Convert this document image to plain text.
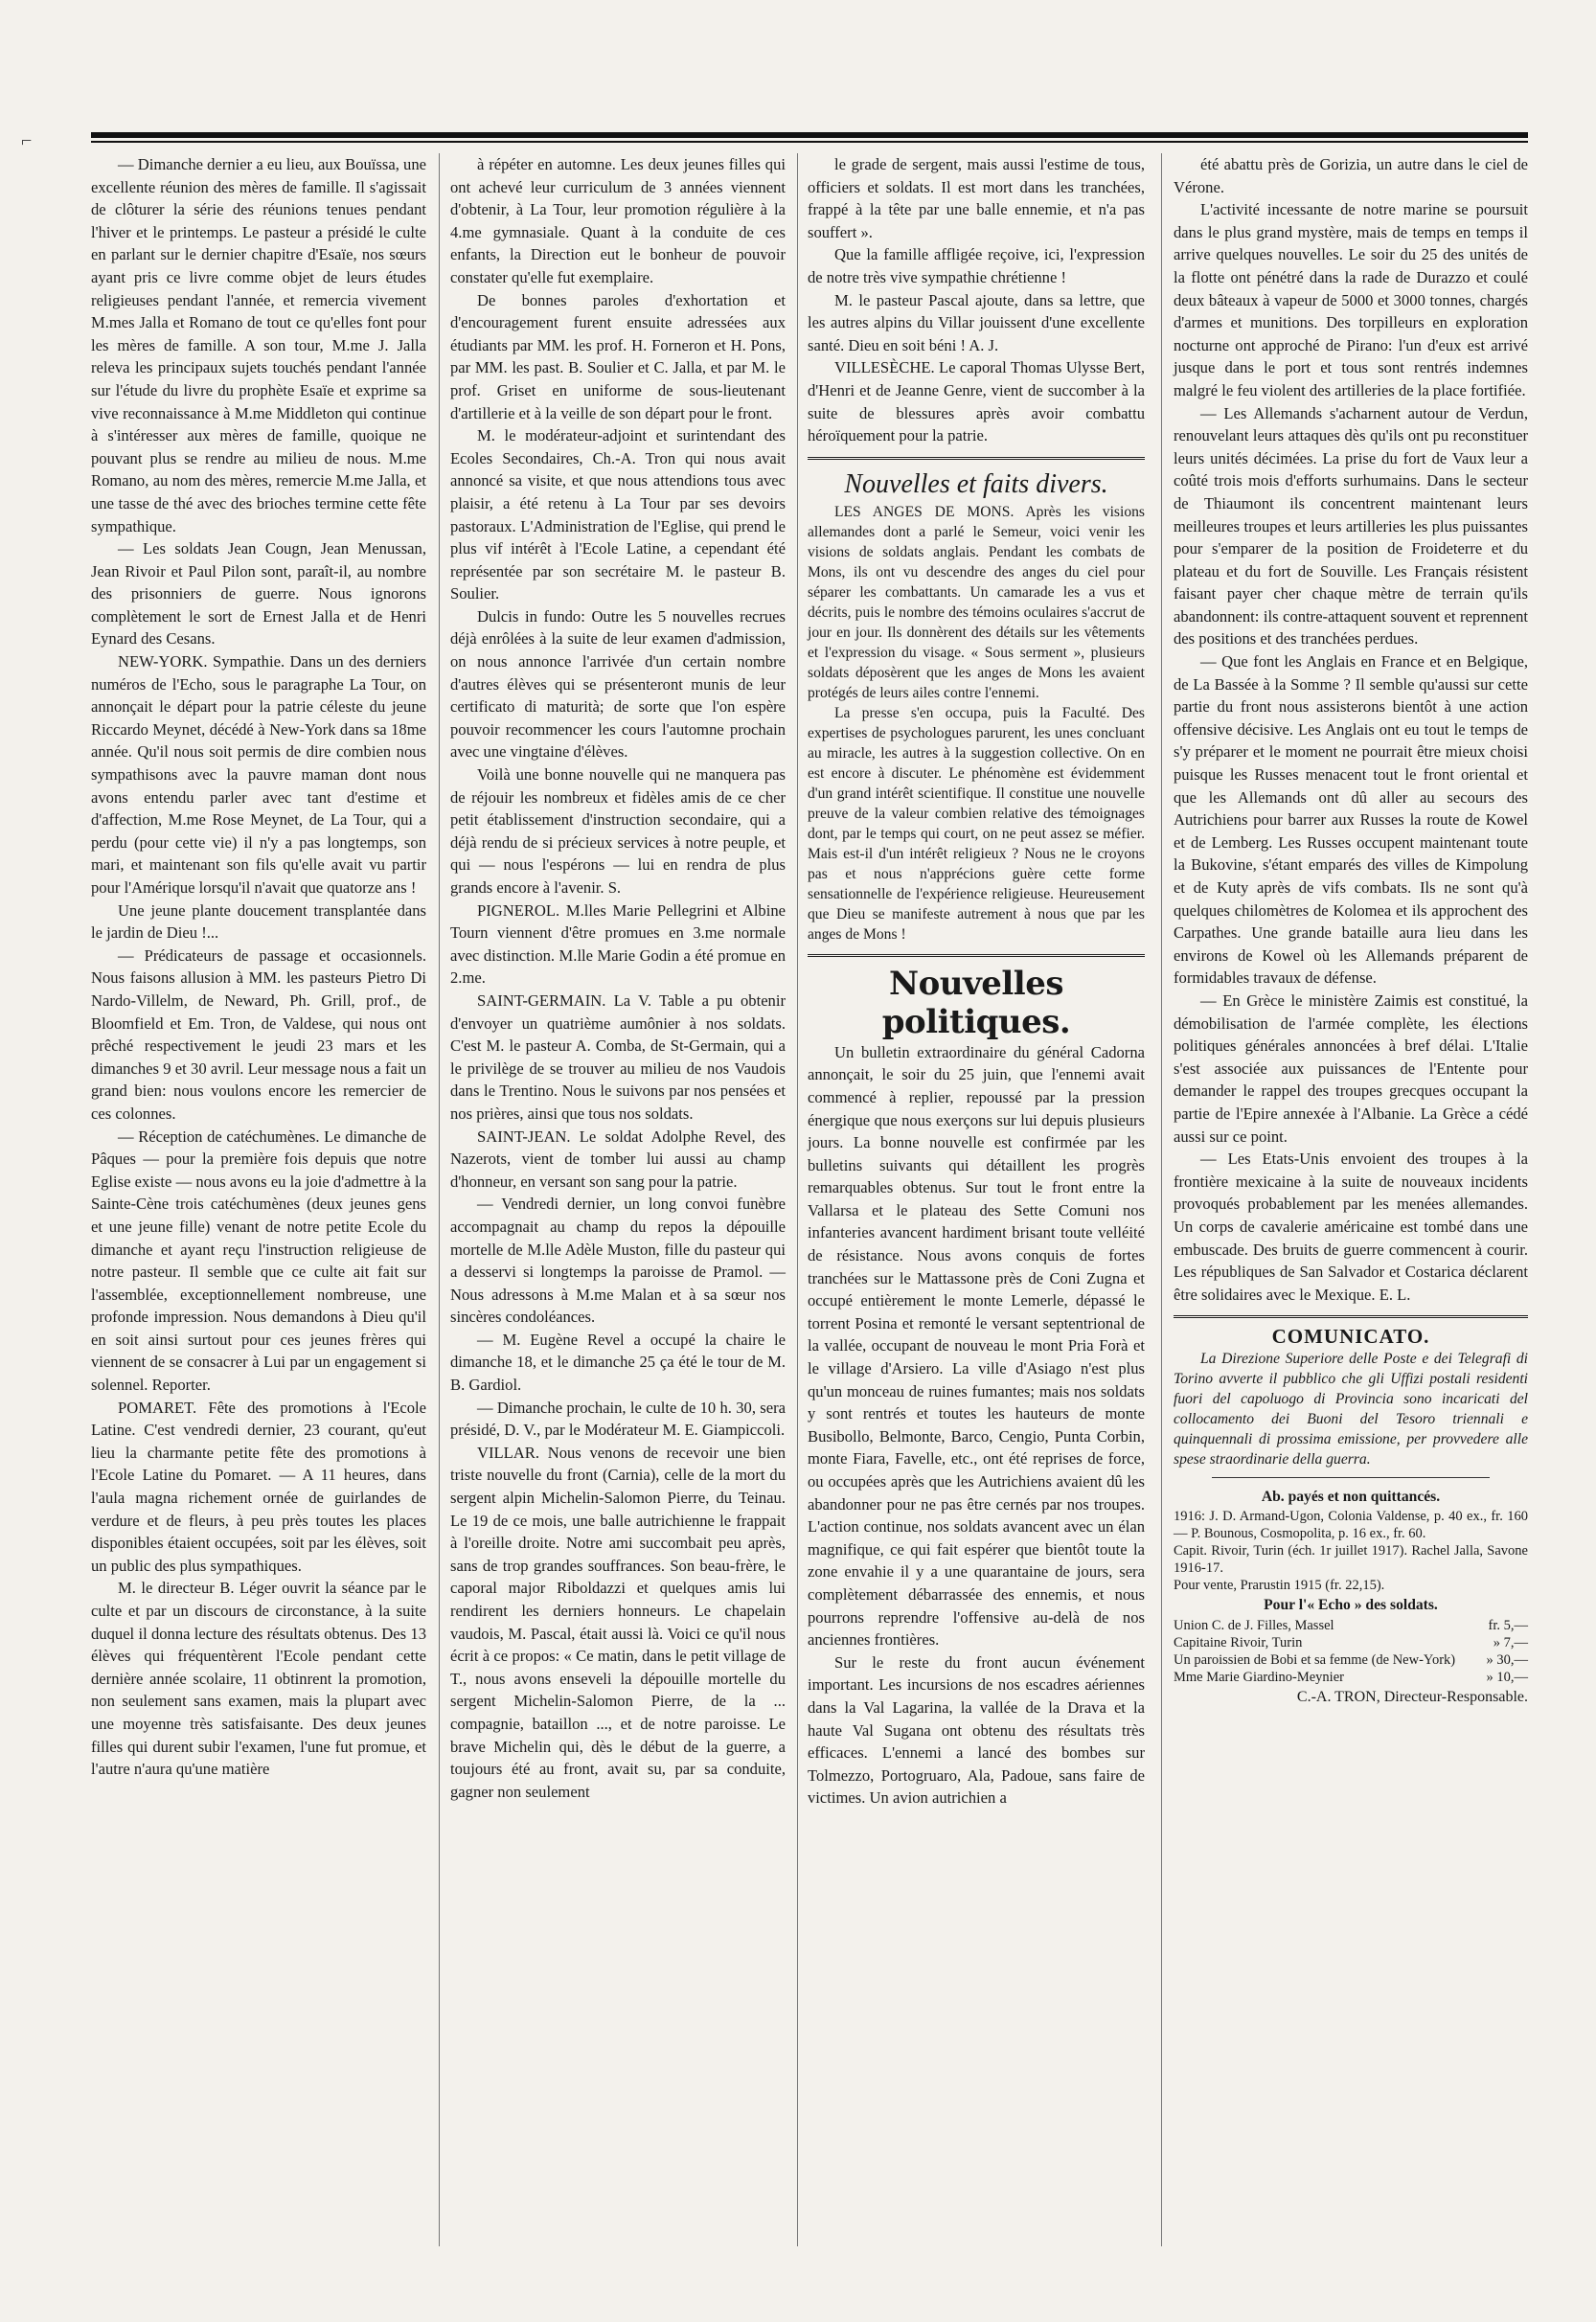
⌐

— Dimanche dernier a eu lieu, aux Bouïssa, une excellente réunion des mères de famille. Il s'agissait de clôturer la série des réunions tenues pendant l'hiver et le printemps. Le pasteur a présidé le culte en parlant sur le dernier chapitre d'Esaïe, nos sœurs ayant pris ce livre comme objet de leurs études religieuses pendant l'année, et remercia vivement M.mes Jalla et Romano de tout ce qu'elles font pour les mères de famille. A son tour, M.me J. Jalla releva les principaux sujets touchés pendant l'année sur l'étude du livre du prophète Esaïe et exprime sa vive reconnaissance à M.me Middleton qui continue à s'intéresser aux mères de famille, quoique ne pouvant plus se rendre au milieu de nous. M.me Romano, au nom des mères, remercie M.me Jalla, et une tasse de thé avec des brioches termine cette fête sympathique.

— Les soldats Jean Cougn, Jean Menussan, Jean Rivoir et Paul Pilon sont, paraît-il, au nombre des prisonniers de guerre. Nous ignorons complètement le sort de Ernest Jalla et de Henri Eynard des Cesans.

NEW-YORK. Sympathie. Dans un des derniers numéros de l'Echo, sous le paragraphe La Tour, on annonçait le départ pour la patrie céleste du jeune Riccardo Meynet, décédé à New-York dans sa 18me année. Qu'il nous soit permis de dire combien nous sympathisons avec la pauvre maman dont nous avons entendu parler avec tant d'estime et d'affection, M.me Rose Meynet, de La Tour, qui a perdu (pour cette vie) il n'y a pas longtemps, son mari, et maintenant son fils qu'elle avait vu partir pour l'Amérique lorsqu'il n'avait que quatorze ans !

Une jeune plante doucement transplantée dans le jardin de Dieu !...

— Prédicateurs de passage et occasionnels. Nous faisons allusion à MM. les pasteurs Pietro Di Nardo-Villelm, de Neward, Ph. Grill, prof., de Bloomfield et Em. Tron, de Valdese, qui nous ont prêché respectivement le jeudi 23 mars et les dimanches 9 et 30 avril. Leur message nous a fait un grand bien: nous voulons encore les remercier de ces colonnes.

— Réception de catéchumènes. Le dimanche de Pâques — pour la première fois depuis que notre Eglise existe — nous avons eu la joie d'admettre à la Sainte-Cène trois catéchumènes (deux jeunes gens et une jeune fille) venant de notre petite Ecole du dimanche et ayant reçu l'instruction religieuse de notre pasteur. Il semble que ce culte ait fait sur l'assemblée, exceptionnellement nombreuse, une profonde impression. Nous demandons à Dieu qu'il en soit ainsi surtout pour ces jeunes frères qui viennent de se consacrer à Lui par un engagement si solennel. Reporter.

POMARET. Fête des promotions à l'Ecole Latine. C'est vendredi dernier, 23 courant, qu'eut lieu la charmante petite fête des promotions à l'Ecole Latine du Pomaret. — A 11 heures, dans l'aula magna richement ornée de guirlandes de verdure et de fleurs, à peu près toutes les places disponibles étaient occupées, soit par les élèves, soit un public des plus sympathiques.

M. le directeur B. Léger ouvrit la séance par le culte et par un discours de circonstance, à la suite duquel il donna lecture des résultats obtenus. Des 13 élèves qui fréquentèrent l'Ecole pendant cette dernière année scolaire, 11 obtinrent la promotion, non seulement sans examen, mais la plupart avec une moyenne très satisfaisante. Des deux jeunes filles qui durent subir l'examen, l'une fut promue, et l'autre n'aura qu'une matière

à répéter en automne. Les deux jeunes filles qui ont achevé leur curriculum de 3 années viennent d'obtenir, à La Tour, leur promotion régulière à la 4.me gymnasiale. Quant à la conduite de ces enfants, la Direction eut le bonheur de pouvoir constater qu'elle fut exemplaire.

De bonnes paroles d'exhortation et d'encouragement furent ensuite adressées aux étudiants par MM. les prof. H. Forneron et H. Pons, par MM. les past. B. Soulier et C. Jalla, et par M. le prof. Griset en uniforme de sous-lieutenant d'artillerie et à la veille de son départ pour le front.

M. le modérateur-adjoint et surintendant des Ecoles Secondaires, Ch.-A. Tron qui nous avait annoncé sa visite, et que nous attendions tous avec plaisir, a été retenu à La Tour par ses devoirs pastoraux. L'Administration de l'Eglise, qui prend le plus vif intérêt à l'Ecole Latine, a cependant été représentée par son secrétaire M. le pasteur B. Soulier.

Dulcis in fundo: Outre les 5 nouvelles recrues déjà enrôlées à la suite de leur examen d'admission, on nous annonce l'arrivée d'un certain nombre d'autres élèves qui se présenteront munis de leur certificato di maturità; de sorte que l'on espère pouvoir recommencer les cours l'automne prochain avec une vingtaine d'élèves.

Voilà une bonne nouvelle qui ne manquera pas de réjouir les nombreux et fidèles amis de ce cher petit établissement d'instruction secondaire, qui a déjà rendu de si précieux services à notre peuple, et qui — nous l'espérons — lui en rendra de plus grands encore à l'avenir. S.

PIGNEROL. M.lles Marie Pellegrini et Albine Tourn viennent d'être promues en 3.me normale avec distinction. M.lle Marie Godin a été promue en 2.me.

SAINT-GERMAIN. La V. Table a pu obtenir d'envoyer un quatrième aumônier à nos soldats. C'est M. le pasteur A. Comba, de St-Germain, qui a le privilège de se trouver au milieu de nos Vaudois dans le Trentino. Nous le suivons par nos pensées et nos prières, ainsi que tous nos soldats.

SAINT-JEAN. Le soldat Adolphe Revel, des Nazerots, vient de tomber lui aussi au champ d'honneur, en versant son sang pour la patrie.

— Vendredi dernier, un long convoi funèbre accompagnait au champ du repos la dépouille mortelle de M.lle Adèle Muston, fille du pasteur qui a desservi si longtemps la paroisse de Pramol. — Nous adressons à M.me Malan et à sa sœur nos sincères condoléances.

— M. Eugène Revel a occupé la chaire le dimanche 18, et le dimanche 25 ça été le tour de M. B. Gardiol.

— Dimanche prochain, le culte de 10 h. 30, sera présidé, D. V., par le Modérateur M. E. Giampiccoli.

VILLAR. Nous venons de recevoir une bien triste nouvelle du front (Carnia), celle de la mort du sergent alpin Michelin-Salomon Pierre, du Teinau. Le 19 de ce mois, une balle autrichienne le frappait à l'oreille droite. Notre ami succombait peu après, sans de trop grandes souffrances. Son beau-frère, le caporal major Riboldazzi et quelques amis lui rendirent les derniers honneurs. Le chapelain vaudois, M. Pascal, était aussi là. Voici ce qu'il nous écrit à ce propos: « Ce matin, dans le petit village de T., nous avons enseveli la dépouille mortelle du sergent Michelin-Salomon Pierre, de la ... compagnie, bataillon ..., et de notre paroisse. Le brave Michelin qui, dès le début de la guerre, a toujours été au front, avait su, par sa conduite, gagner non seulement

le grade de sergent, mais aussi l'estime de tous, officiers et soldats. Il est mort dans les tranchées, frappé à la tête par une balle ennemie, et n'a pas souffert ».

Que la famille affligée reçoive, ici, l'expression de notre très vive sympathie chrétienne !

M. le pasteur Pascal ajoute, dans sa lettre, que les autres alpins du Villar jouissent d'une excellente santé. Dieu en soit béni ! A. J.

VILLESÈCHE. Le caporal Thomas Ulysse Bert, d'Henri et de Jeanne Genre, vient de succomber à la suite de blessures après avoir combattu héroïquement pour la patrie.

Nouvelles et faits divers.

LES ANGES DE MONS. Après les visions allemandes dont a parlé le Semeur, voici venir les visions de soldats anglais. Pendant les combats de Mons, ils ont vu descendre des anges du ciel pour séparer les combattants. Un camarade les a vus et décrits, puis le nombre des témoins oculaires s'accrut de jour en jour. Ils donnèrent des détails sur les vêtements et l'expression du visage. « Sous serment », plusieurs soldats déposèrent que les anges de Mons les avaient protégés de leurs ailes contre l'ennemi.

La presse s'en occupa, puis la Faculté. Des expertises de psychologues parurent, les unes concluant au miracle, les autres à la suggestion collective. On en est encore à discuter. Le phénomène est évidemment d'un grand intérêt scientifique. Il constitue une nouvelle preuve de la valeur combien relative des témoignages dont, par le temps qui court, on ne peut assez se méfier. Mais est-il d'un intérêt religieux ? Nous ne le croyons pas et nous n'apprécions guère cette forme sensationnelle de l'expérience religieuse. Heureusement que Dieu se manifeste autrement à nous que par les anges de Mons !

Nouvelles politiques.

Un bulletin extraordinaire du général Cadorna annonçait, le soir du 25 juin, que l'ennemi avait commencé à replier, repoussé par la pression énergique que nous exerçons sur lui depuis plusieurs jours. La bonne nouvelle est confirmée par les bulletins suivants qui détaillent les progrès remarquables obtenus. Sur tout le front entre la Vallarsa et le plateau des Sette Comuni nos infanteries avancent hardiment brisant toute velléité de résistance. Nous avons conquis de fortes tranchées sur le Mattassone près de Coni Zugna et occupé entièrement le monte Lemerle, dépassé le torrent Posina et remonté le versant septentrional de la vallée, occupant de nouveau le mont Pria Forà et le village d'Arsiero. La ville d'Asiago n'est plus qu'un monceau de ruines fumantes; mais nos soldats y sont rentrés et toutes les hauteurs de monte Busibollo, Belmonte, Barco, Cengio, Punta Corbin, monte Fiara, Favelle, etc., ont été reprises de force, ou occupées après que les Autrichiens avaient dû les abandonner pour ne pas être cernés par nos troupes. L'action continue, nos soldats avancent avec un élan magnifique, ce qui fait espérer que bientôt toute la zone envahie il y a une quarantaine de jours, sera complètement débarrassée des ennemis, et nous pourrons reprendre l'offensive au-delà de nos anciennes frontières.

Sur le reste du front aucun événement important. Les incursions de nos escadres aériennes dans la Val Lagarina, la vallée de la Drava et la haute Val Sugana ont obtenu des résultats très efficaces. L'ennemi a lancé des bombes sur Tolmezzo, Portogruaro, Ala, Padoue, sans faire de victimes. Un avion autrichien a

été abattu près de Gorizia, un autre dans le ciel de Vérone.

L'activité incessante de notre marine se poursuit dans le plus grand mystère, mais de temps en temps il arrive quelques nouvelles. Le soir du 25 des unités de la flotte ont pénétré dans la rade de Durazzo et coulé deux bâteaux à vapeur de 5000 et 3000 tonnes, chargés d'armes et munitions. Des torpilleurs en exploration nocturne ont approché de Pirano: l'un d'eux est arrivé jusque dans le port et tous sont rentrés indemnes malgré le feu violent des artilleries de la place fortifiée.

— Les Allemands s'acharnent autour de Verdun, renouvelant leurs attaques dès qu'ils ont pu reconstituer leurs unités décimées. La prise du fort de Vaux leur a coûté trois mois d'efforts surhumains. Dans le secteur de Thiaumont ils concentrent maintenant leurs meilleures troupes et leurs artilleries les plus puissantes pour s'emparer de la position de Froideterre et du plateau et du fort de Souville. Les Français résistent faisant payer cher chaque mètre de terrain qu'ils abandonnent: ils contre-attaquent souvent et reprennent des positions et des tranchées perdues.

— Que font les Anglais en France et en Belgique, de La Bassée à la Somme ? Il semble qu'aussi sur cette partie du front nous assisterons bientôt à une action offensive décisive. Les Anglais ont eu tout le temps de s'y préparer et le moment ne pourrait être mieux choisi puisque les Russes menacent tout le front oriental et que les Allemands ont dû aller au secours des Autrichiens pour barrer aux Russes la route de Kowel et de Lemberg. Les Russes occupent maintenant toute la Bukovine, s'étant emparés des villes de Kimpolung et de Kuty après de vifs combats. Ils ne sont qu'à quelques chilomètres de Kolomea et ils approchent des Carpathes. Une grande bataille aura lieu dans les environs de Kowel où les Allemands préparent de formidables travaux de défense.

— En Grèce le ministère Zaimis est constitué, la démobilisation de l'armée complète, les élections politiques générales annoncées à bref délai. L'Italie s'est associée aux puissances de l'Entente pour demander le rappel des troupes grecques occupant la partie de l'Epire annexée à l'Albanie. La Grèce a cédé aussi sur ce point.

— Les Etats-Unis envoient des troupes à la frontière mexicaine à la suite de nouveaux incidents provoqués probablement par les menées allemandes. Un corps de cavalerie américaine est tombé dans une embuscade. Des bruits de guerre commencent à courir. Les républiques de San Salvador et Costarica déclarent être solidaires avec le Mexique. E. L.

COMUNICATO.

La Direzione Superiore delle Poste e dei Telegrafi di Torino avverte il pubblico che gli Uffizi postali residenti fuori del capoluogo di Provincia sono incaricati del collocamento dei Buoni del Tesoro triennali e quinquennali di prossima emissione, per provvedere alle spese straordinarie della guerra.

Ab. payés et non quittancés.

1916: J. D. Armand-Ugon, Colonia Valdense, p. 40 ex., fr. 160 — P. Bounous, Cosmopolita, p. 16 ex., fr. 60.

Capit. Rivoir, Turin (éch. 1r juillet 1917). Rachel Jalla, Savone 1916-17.

Pour vente, Prarustin 1915 (fr. 22,15).

Pour l'« Echo » des soldats.

Union C. de J. Filles, Massel	fr. 5,—
Capitaine Rivoir, Turin	» 7,—
Un paroissien de Bobi et sa femme (de New-York) » 30,—
Mme Marie Giardino-Meynier	» 10,—

C.-A. TRON, Directeur-Responsable.
